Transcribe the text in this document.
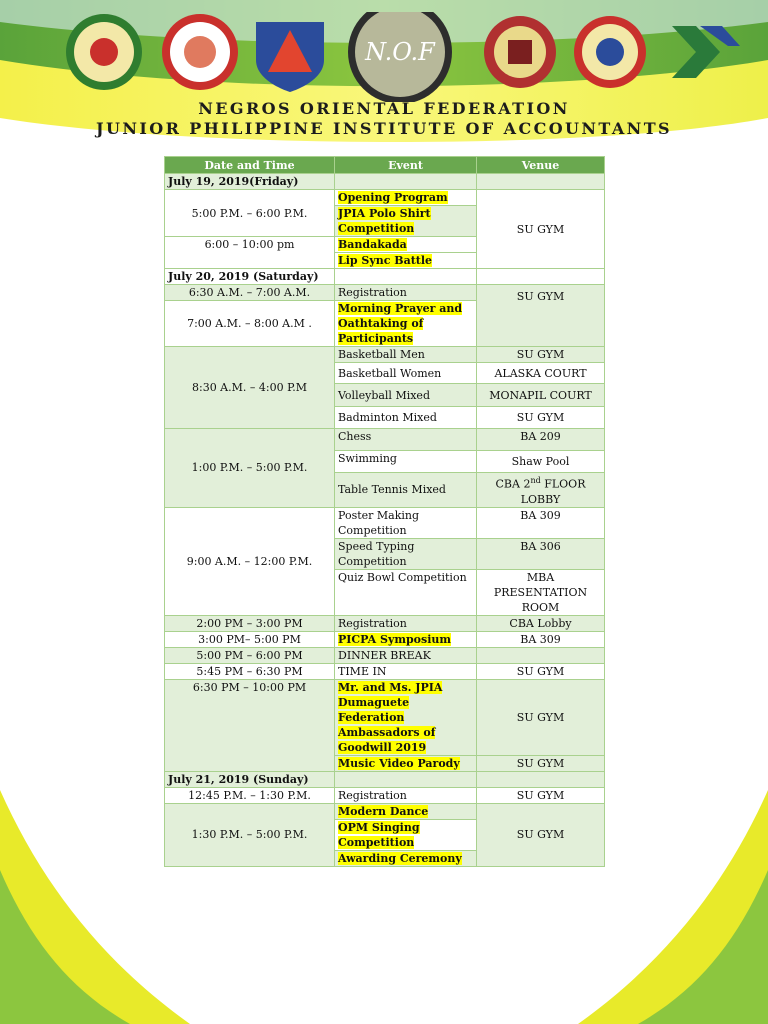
N.O.F
NEGROS ORIENTAL FEDERATION
JUNIOR PHILIPPINE INSTITUTE OF ACCOUNTANTS
Date and Time	Event	Venue
July 19, 2019(Friday)		
5:00 P.M. – 6:00 P.M.	Opening Program	SU GYM
	JPIA Polo Shirt Competition	
6:00 – 10:00 pm	Bandakada	
	Lip Sync Battle	
July 20, 2019 (Saturday)		
6:30 A.M. – 7:00 A.M.	Registration	SU GYM
7:00 A.M. – 8:00 A.M .	Morning Prayer and Oathtaking of Participants	
8:30 A.M. – 4:00 P.M	Basketball Men	SU GYM
	Basketball Women	ALASKA COURT
	Volleyball Mixed	MONAPIL COURT
	Badminton Mixed	SU GYM
1:00 P.M. – 5:00 P.M.	Chess	BA 209
	Swimming	Shaw Pool
	Table Tennis Mixed	CBA 2nd FLOOR LOBBY
9:00 A.M. – 12:00 P.M.	Poster Making Competition	BA 309
	Speed Typing Competition	BA 306
	Quiz Bowl Competition	MBA PRESENTATION ROOM
2:00 PM – 3:00 PM	Registration	CBA Lobby
3:00 PM– 5:00 PM	PICPA Symposium	BA 309
5:00 PM – 6:00 PM	DINNER BREAK	
5:45 PM – 6:30 PM	TIME IN	SU GYM
6:30 PM – 10:00 PM	Mr. and Ms. JPIA Dumaguete Federation Ambassadors of Goodwill 2019	SU GYM
	Music Video Parody	SU GYM
July 21, 2019 (Sunday)		
12:45 P.M. – 1:30 P.M.	Registration	SU GYM
1:30 P.M. – 5:00 P.M.	Modern Dance	SU GYM
	OPM Singing Competition	
	Awarding Ceremony	
